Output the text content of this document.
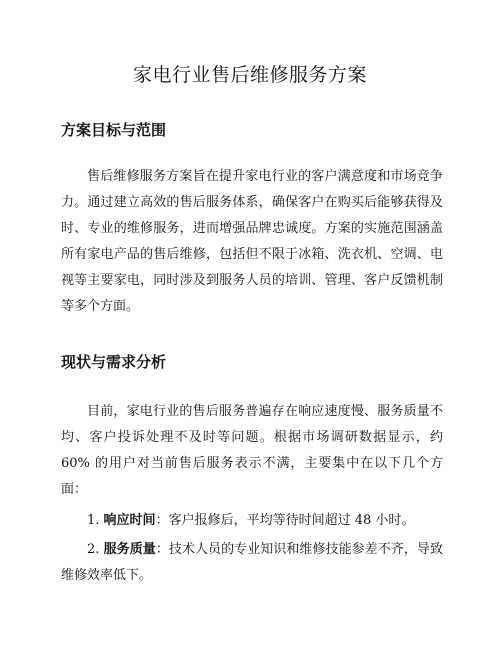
家电行业售后维修服务方案
方案目标与范围

售后维修服务方案旨在提升家电行业的客户满意度和市场竞争力。通过建立高效的售后服务体系，确保客户在购买后能够获得及时、专业的维修服务，进而增强品牌忠诚度。方案的实施范围涵盖所有家电产品的售后维修，包括但不限于冰箱、洗衣机、空调、电视等主要家电，同时涉及到服务人员的培训、管理、客户反馈机制等多个方面。

现状与需求分析

目前，家电行业的售后服务普遍存在响应速度慢、服务质量不均、客户投诉处理不及时等问题。根据市场调研数据显示，约 60% 的用户对当前售后服务表示不满，主要集中在以下几个方面：

1. 响应时间：客户报修后，平均等待时间超过 48 小时。

2. 服务质量：技术人员的专业知识和维修技能参差不齐，导致维修效率低下。
